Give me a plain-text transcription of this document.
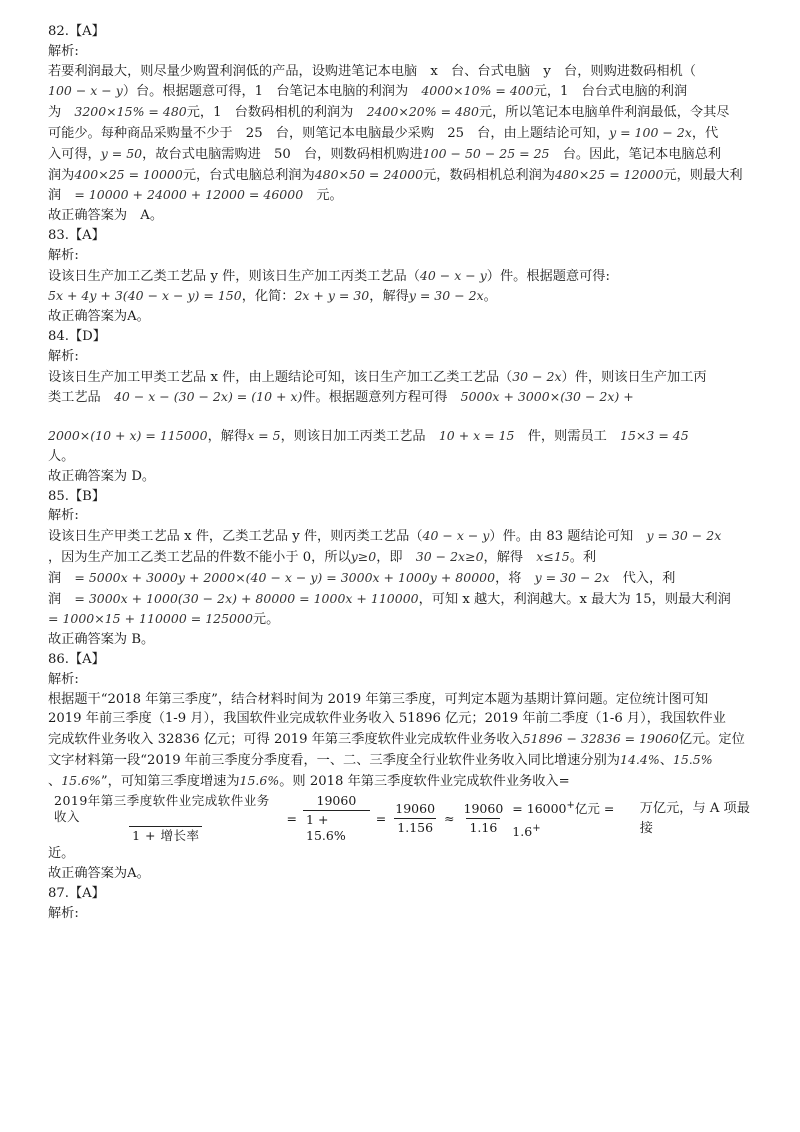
82.【A】
解析:
若要利润最大，则尽量少购置利润低的产品，设购进笔记本电脑　x　台、台式电脑　y　台，则购进数码相机（
100 − x − y）台。根据题意可得，1　台笔记本电脑的利润为　4000×10% = 400元，1　台台式电脑的利润
为　3200×15% = 480元，1　台数码相机的利润为　2400×20% = 480元，所以笔记本电脑单件利润最低，令其尽
可能少。每种商品采购量不少于　25　台，则笔记本电脑最少采购　25　台，由上题结论可知，y = 100 − 2x，代
入可得，y = 50，故台式电脑需购进　50　台，则数码相机购进100 − 50 − 25 = 25　台。因此，笔记本电脑总利
润为400×25 = 10000元，台式电脑总利润为480×50 = 24000元，数码相机总利润为480×25 = 12000元，则最大利
润　= 10000 + 24000 + 12000 = 46000　元。
故正确答案为　A。
83.【A】
解析:
设该日生产加工乙类工艺品 y 件，则该日生产加工丙类工艺品（40 − x − y）件。根据题意可得:
5x + 4y + 3(40 − x − y) = 150，化简：2x + y = 30，解得y = 30 − 2x。
故正确答案为A。
84.【D】
解析:
设该日生产加工甲类工艺品 x 件，由上题结论可知，该日生产加工乙类工艺品（30 − 2x）件，则该日生产加工丙
类工艺品　40 − x − (30 − 2x) = (10 + x)件。根据题意列方程可得　5000x + 3000×(30 − 2x) +
2000×(10 + x) = 115000，解得x = 5，则该日加工丙类工艺品　10 + x = 15　件，则需员工　15×3 = 45
人。
故正确答案为 D。
85.【B】
解析:
设该日生产甲类工艺品 x 件，乙类工艺品 y 件，则丙类工艺品（40 − x − y）件。由 83 题结论可知　y = 30 − 2x
，因为生产加工乙类工艺品的件数不能小于 0，所以y≥0，即　30 − 2x≥0，解得　x≤15。利
润　= 5000x + 3000y + 2000×(40 − x − y) = 3000x + 1000y + 80000，将　y = 30 − 2x　代入，利
润　= 3000x + 1000(30 − 2x) + 80000 = 1000x + 110000，可知 x 越大，利润越大。x 最大为 15，则最大利润
= 1000×15 + 110000 = 125000元。
故正确答案为 B。
86.【A】
解析:
根据题干“2018 年第三季度”，结合材料时间为 2019 年第三季度，可判定本题为基期计算问题。定位统计图可知
2019 年前三季度（1-9 月），我国软件业完成软件业务收入 51896 亿元；2019 年前二季度（1-6 月），我国软件业
完成软件业务收入 32836 亿元；可得 2019 年第三季度软件业完成软件业务收入51896 − 32836 = 19060亿元。定位
文字材料第一段“2019 年前三季度分季度看，一、二、三季度全行业软件业务收入同比增速分别为14.4%、15.5%
、15.6%”，可知第三季度增速为15.6%。则 2018 年第三季度软件业完成软件业务收入=
$\frac{\text{2019年第三季度软件业完成软件业务收入}}{\text{1 + 增长率}} = \frac{19060}{1 + 15.6\%} = \frac{19060}{1.156} \approx \frac{19060}{1.16} = 16000^+$亿元 = 1.6+
万亿元，与 A 项最接
近。
故正确答案为A。
87.【A】
解析:
